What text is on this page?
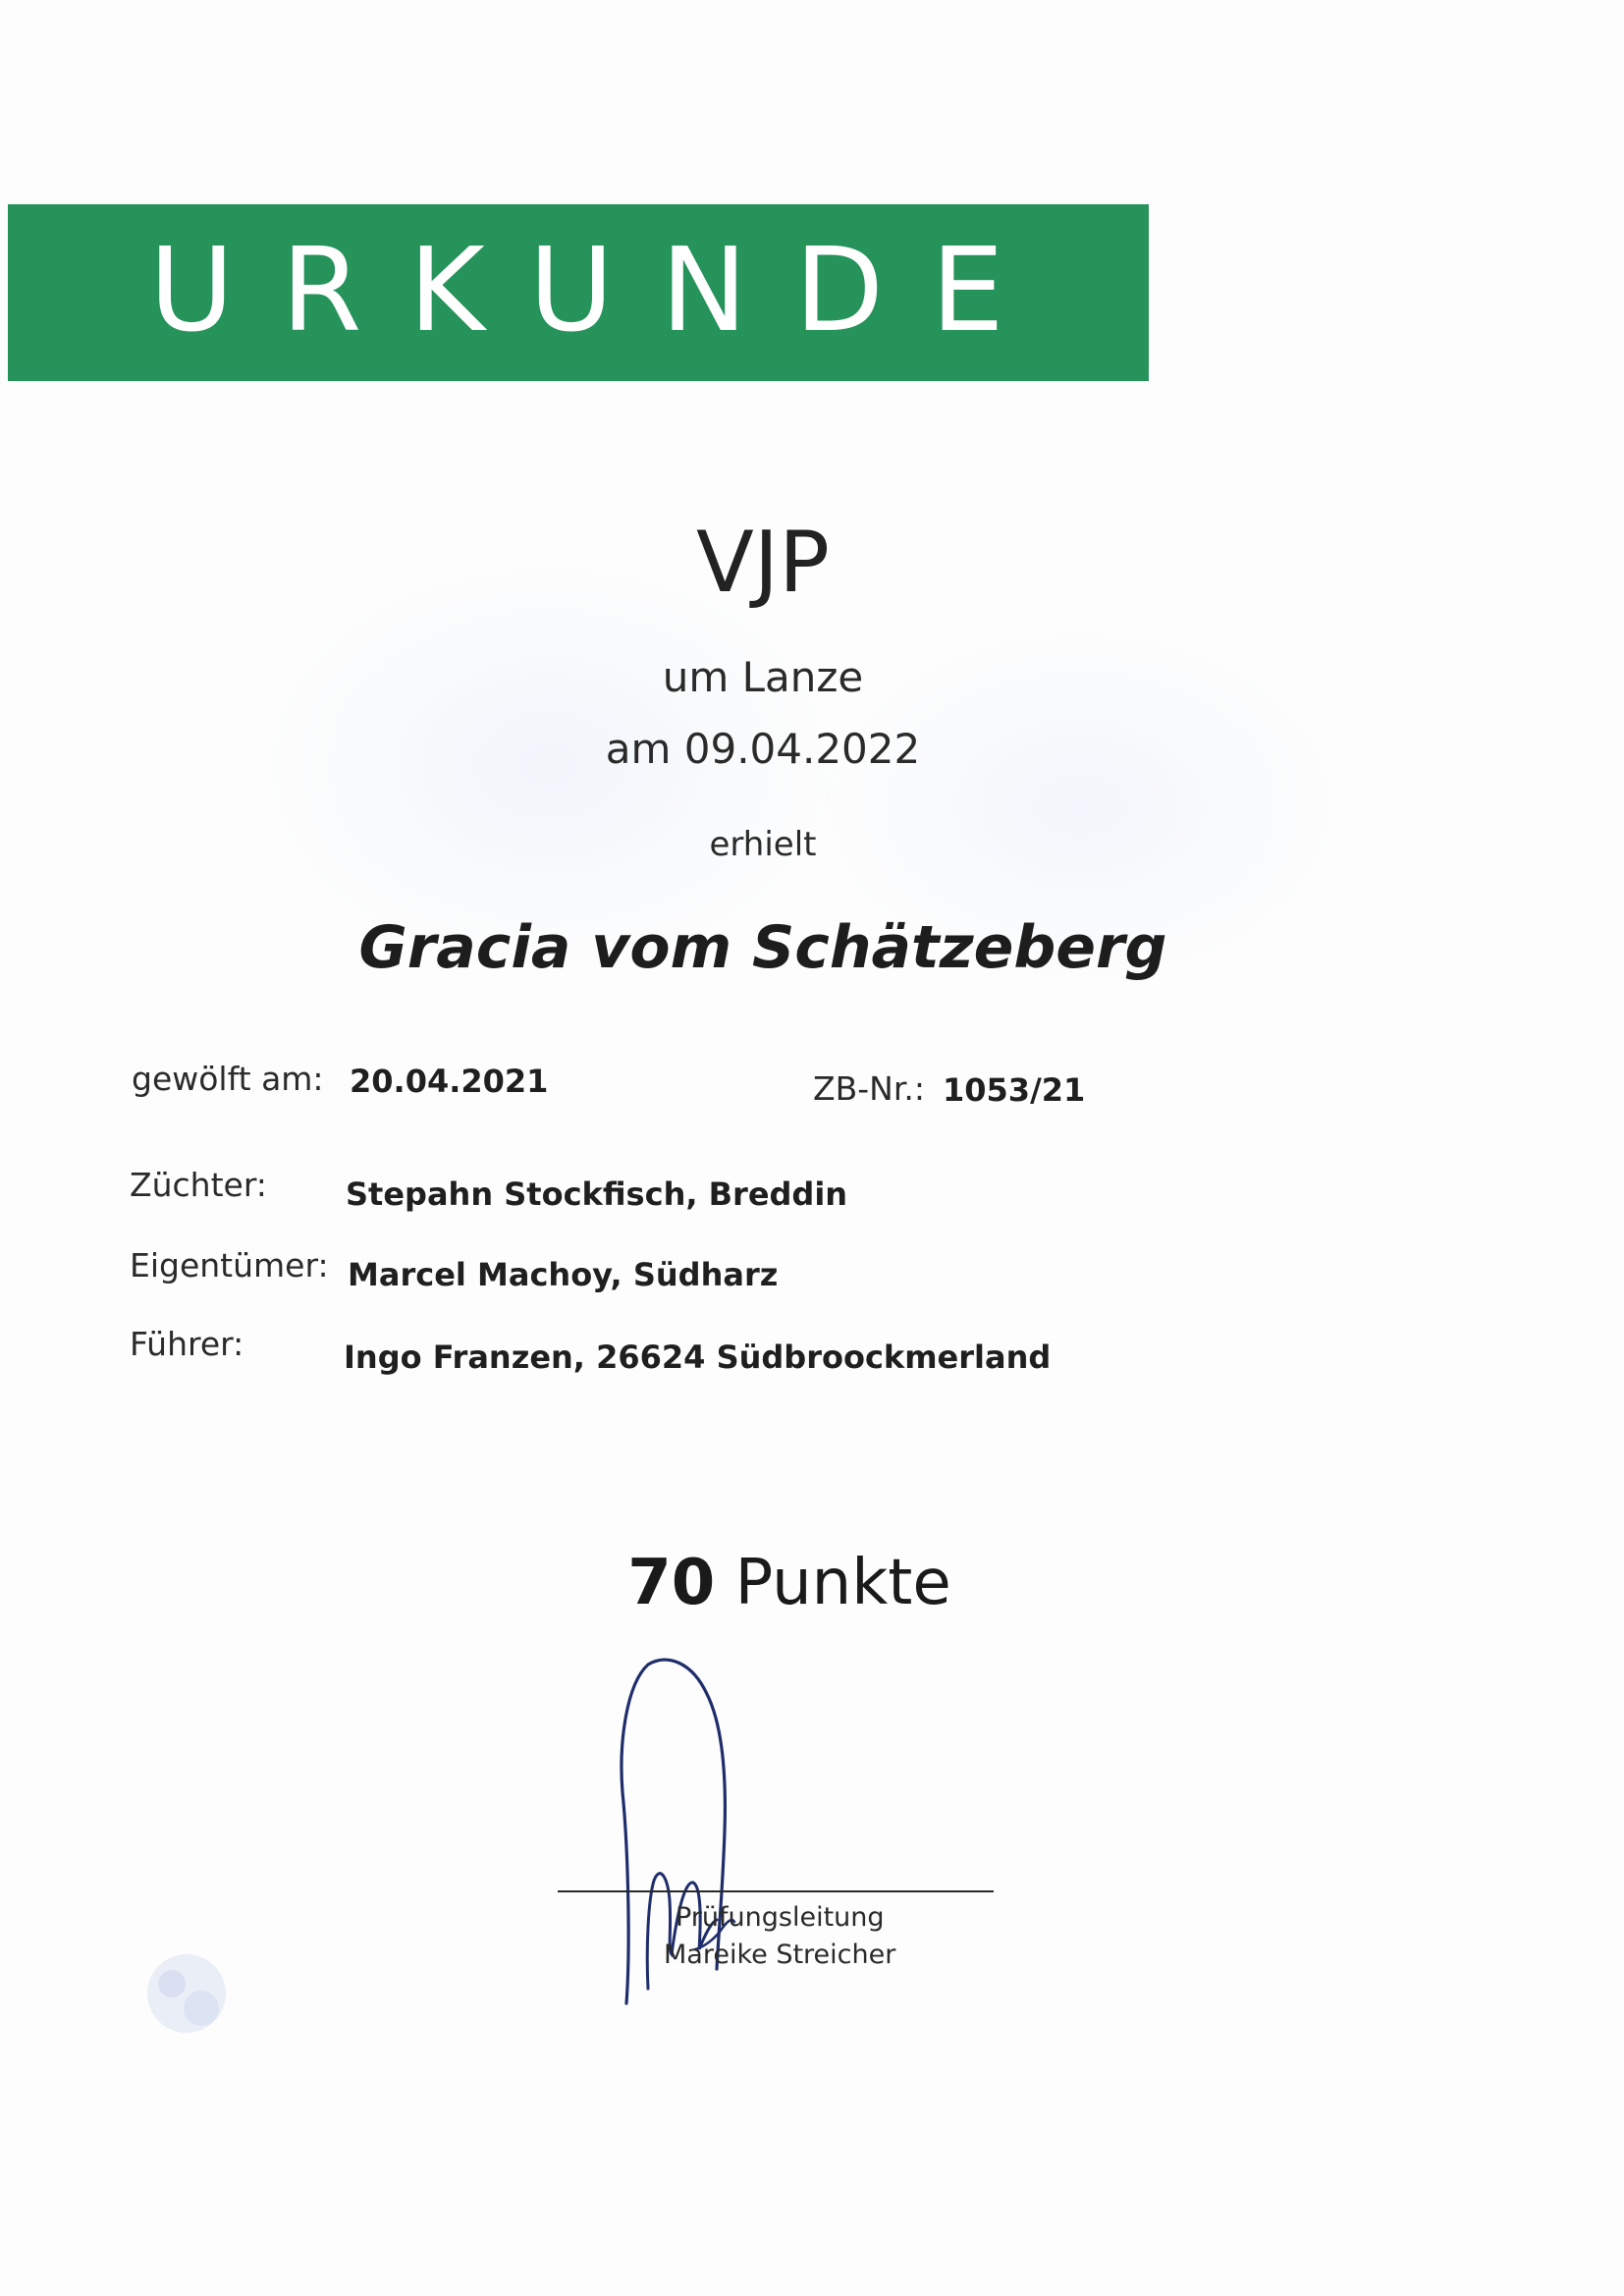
URKUNDE
VJP
um Lanze
am 09.04.2022
erhielt
Gracia vom Schätzeberg
gewölft am: 20.04.2021	ZB-Nr.: 1053/21
Züchter:	Stepahn Stockfisch, Breddin
Eigentümer: Marcel Machoy, Südharz
Führer:	Ingo Franzen, 26624 Südbroockmerland
70 Punkte
Prüfungsleitung
Mareike Streicher
